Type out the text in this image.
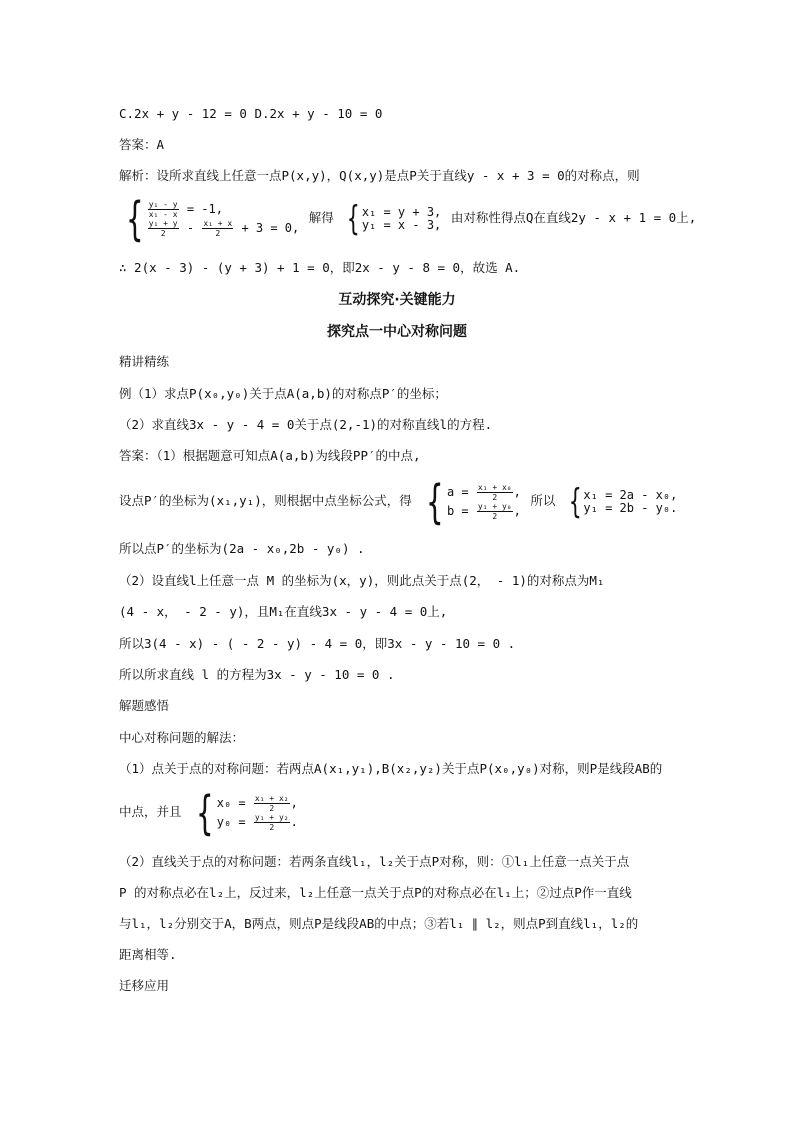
C.2x + y - 12 = 0 D.2x + y - 10 = 0
答案：A
解析：设所求直线上任意一点P(x,y)，Q(x,y)是点P关于直线y - x + 3 = 0的对称点，则
{ $\frac{\text{y₁ - y}}{\text{x₁ - x}} = -1$,
$\frac{\text{y₁ + y}}{2} - \frac{\text{x₁ + x}}{2} + 3 = 0$,
解得 { x₁ = y + 3,
y₁ = x - 3, 由对称性得点Q在直线2y - x + 1 = 0上,
∴ 2(x - 3) - (y + 3) + 1 = 0，即2x - y - 8 = 0，故选 A.
互动探究·关键能力
探究点一中心对称问题
精讲精练
例（1）求点P(x₀,y₀)关于点A(a,b)的对称点P′的坐标；
（2）求直线3x - y - 4 = 0关于点(2,-1)的对称直线l的方程.
答案：（1）根据题意可知点A(a,b)为线段PP′的中点,
设点P′的坐标为(x₁,y₁)，则根据中点坐标公式，得 { $a = \frac{\text{x₁ + x₀}}{2}$ ,
$b = \frac{\text{y₁ + y₀}}{2}$ ,
所以 { x₁ = 2a - x₀,
y₁ = 2b - y₀.
所以点P′的坐标为(2a - x₀,2b - y₀) .
（2）设直线l上任意一点 M 的坐标为(x，y)，则此点关于点(2， - 1)的对称点为M₁
(4 - x， - 2 - y)，且M₁在直线3x - y - 4 = 0上,
所以3(4 - x) - ( - 2 - y) - 4 = 0，即3x - y - 10 = 0 .
所以所求直线 l 的方程为3x - y - 10 = 0 .
解题感悟
中心对称问题的解法：
（1）点关于点的对称问题：若两点A(x₁,y₁),B(x₂,y₂)关于点P(x₀,y₀)对称，则P是线段AB的
中点，并且 { $x_0 = \frac{\text{x₁ + x₂}}{2}$ ,
$y_0 = \frac{\text{y₁ + y₂}}{2}$ .
（2）直线关于点的对称问题：若两条直线l₁，l₂关于点P对称，则：①l₁上任意一点关于点
P 的对称点必在l₂上，反过来，l₂上任意一点关于点P的对称点必在l₁上；②过点P作一直线
与l₁，l₂分别交于A，B两点，则点P是线段AB的中点；③若l₁ ∥ l₂，则点P到直线l₁，l₂的
距离相等.
迁移应用
